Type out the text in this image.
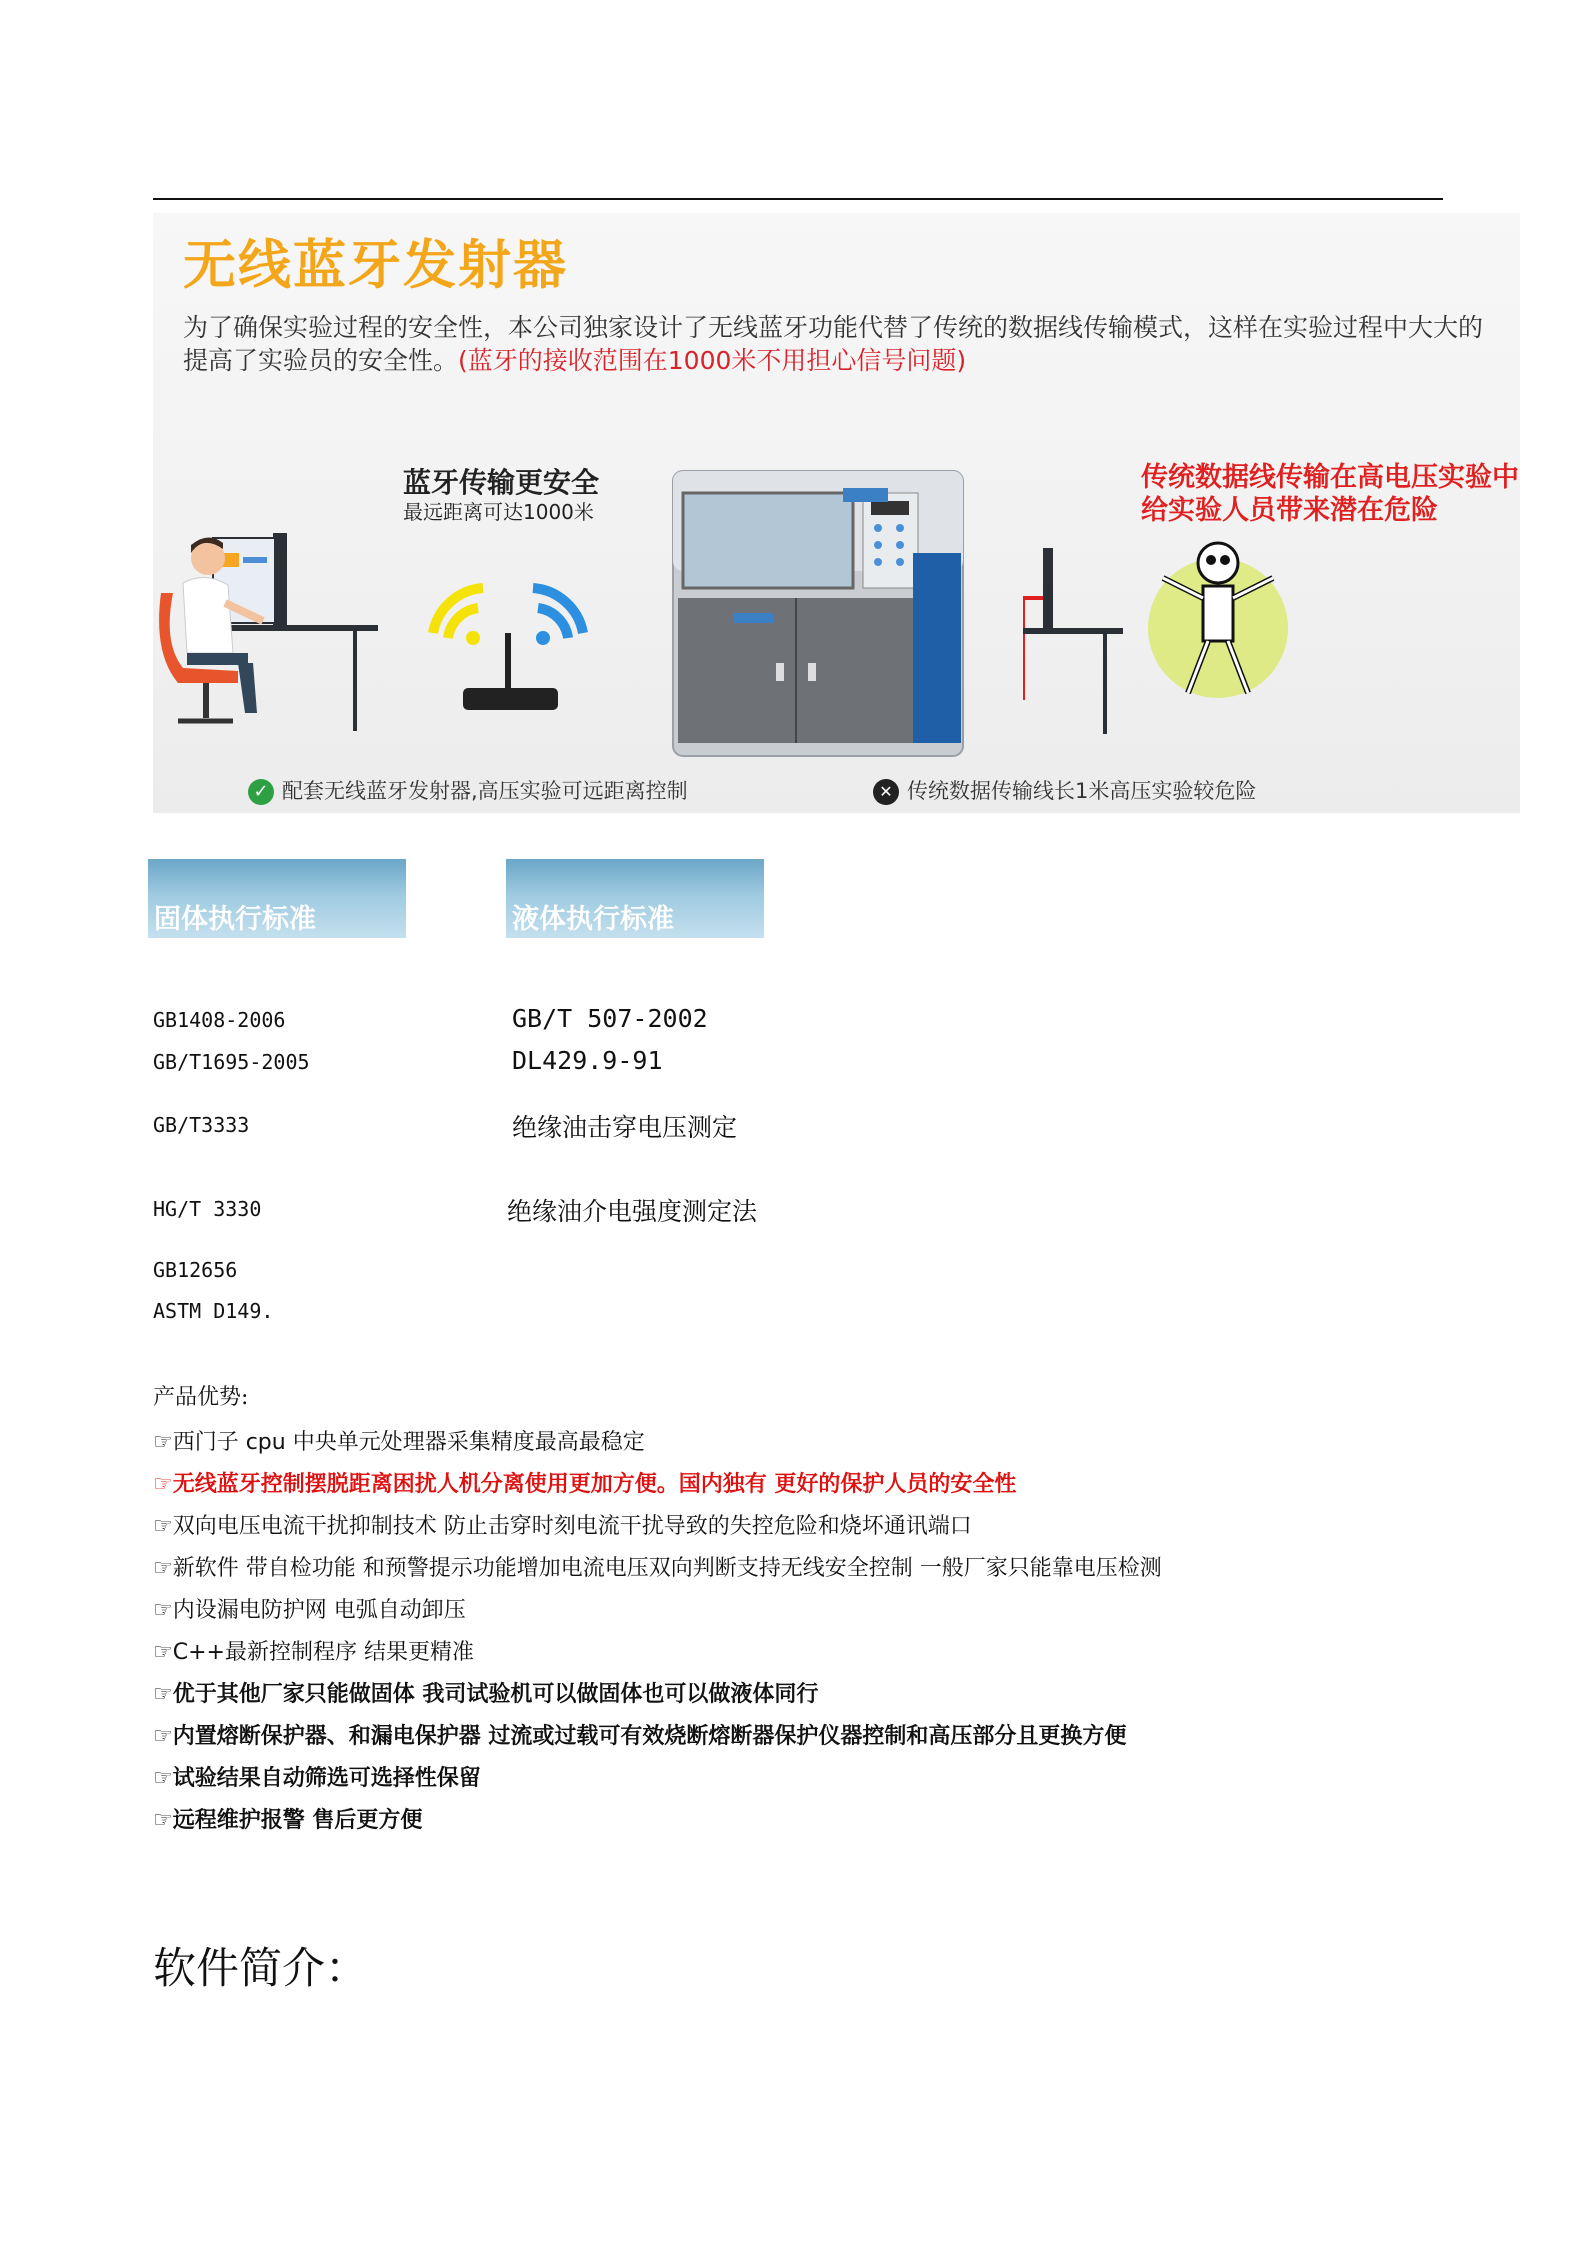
无线蓝牙发射器
为了确保实验过程的安全性，本公司独家设计了无线蓝牙功能代替了传统的数据线传输模式，这样在实验过程中大大的提高了实验员的安全性。(蓝牙的接收范围在1000米不用担心信号问题)
蓝牙传输更安全
最远距离可达1000米
传统数据线传输在高电压实验中给实验人员带来潜在危险
✓ 配套无线蓝牙发射器,高压实验可远距离控制	✕ 传统数据传输线长1米高压实验较危险
固体执行标准	液体执行标准
GB1408-2006
GB/T1695-2005
GB/T3333
HG/T 3330
GB12656
ASTM D149.
GB/T 507-2002
DL429.9-91
绝缘油击穿电压测定
绝缘油介电强度测定法
产品优势:
☞西门子 cpu 中央单元处理器采集精度最高最稳定
☞无线蓝牙控制摆脱距离困扰人机分离使用更加方便。国内独有 更好的保护人员的安全性
☞双向电压电流干扰抑制技术 防止击穿时刻电流干扰导致的失控危险和烧坏通讯端口
☞新软件 带自检功能 和预警提示功能增加电流电压双向判断支持无线安全控制 一般厂家只能靠电压检测
☞内设漏电防护网 电弧自动卸压
☞C++最新控制程序 结果更精准
☞优于其他厂家只能做固体 我司试验机可以做固体也可以做液体同行
☞内置熔断保护器、和漏电保护器 过流或过载可有效烧断熔断器保护仪器控制和高压部分且更换方便
☞试验结果自动筛选可选择性保留
☞远程维护报警 售后更方便
软件简介：
